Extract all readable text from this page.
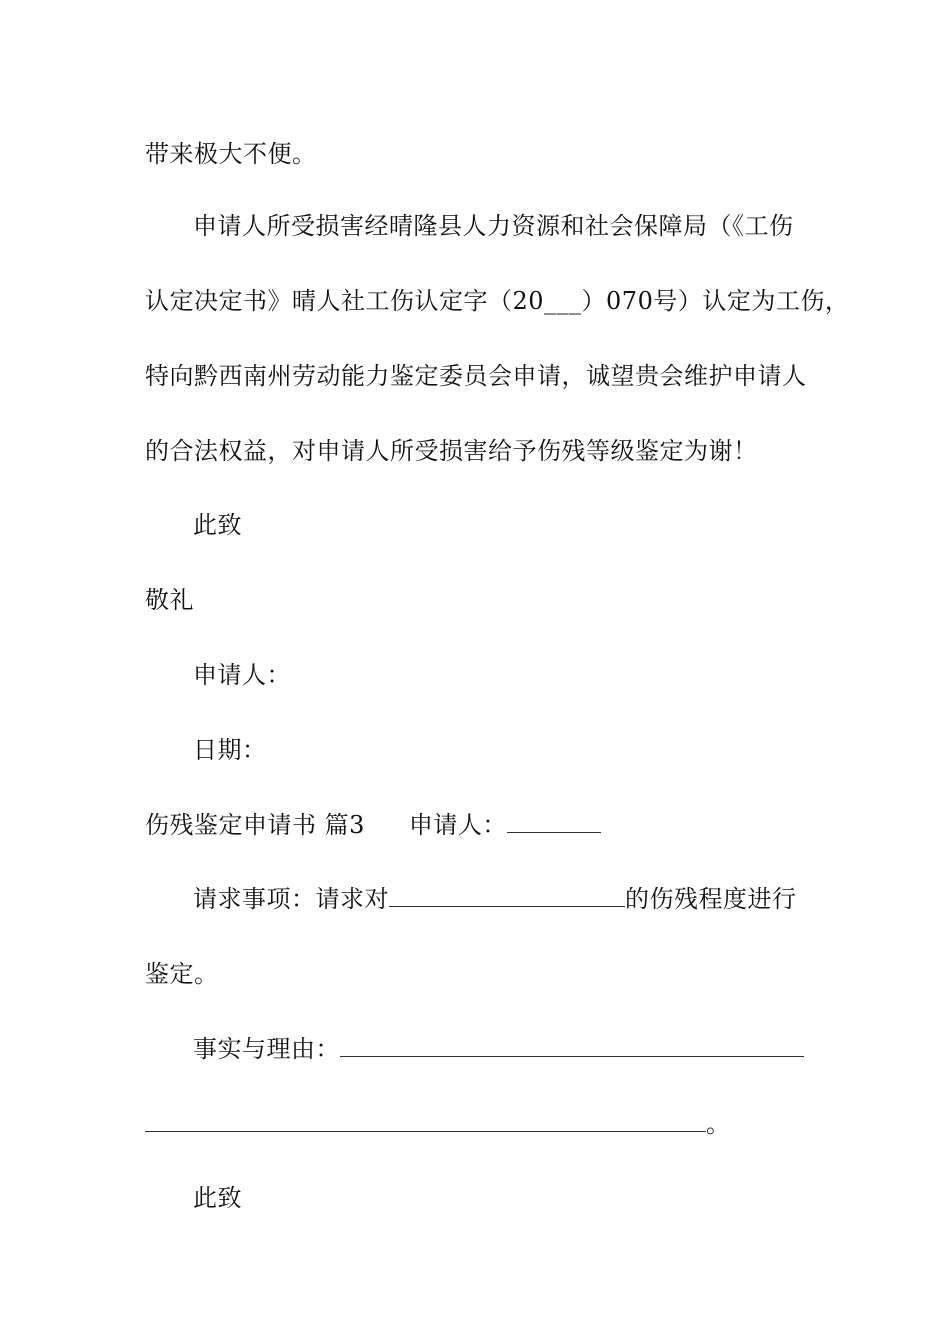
带来极大不便。
申请人所受损害经晴隆县人力资源和社会保障局（《工伤
认定决定书》晴人社工伤认定字（20___）070号）认定为工伤，
特向黔西南州劳动能力鉴定委员会申请，诚望贵会维护申请人
的合法权益，对申请人所受损害给予伤残等级鉴定为谢！
此致
敬礼
申请人：
日期：
伤残鉴定申请书 篇3 申请人：
请求事项：请求对	的伤残程度进行
鉴定。
事实与理由：
。
此致
